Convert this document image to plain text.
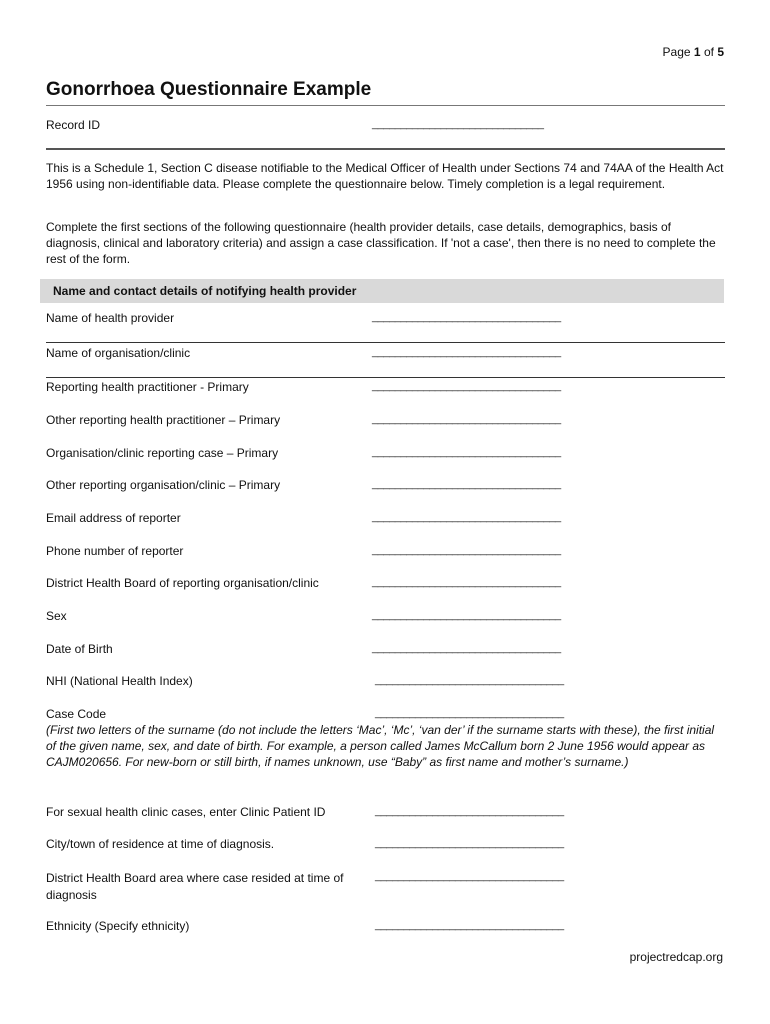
Page 1 of 5
Gonorrhoea Questionnaire Example
Record ID	______________________________
This is a Schedule 1, Section C disease notifiable to the Medical Officer of Health under Sections 74 and 74AA of the Health Act 1956 using non-identifiable data. Please complete the questionnaire below. Timely completion is a legal requirement.
Complete the first sections of the following questionnaire (health provider details, case details, demographics, basis of diagnosis, clinical and laboratory criteria) and assign a case classification. If 'not a case', then there is no need to complete the rest of the form.
Name and contact details of notifying health provider
Name of health provider	_________________________________
Name of organisation/clinic	_________________________________
Reporting health practitioner - Primary	_________________________________
Other reporting health practitioner – Primary	_________________________________
Organisation/clinic reporting case – Primary	_________________________________
Other reporting organisation/clinic – Primary	_________________________________
Email address of reporter	_________________________________
Phone number of reporter	_________________________________
District Health Board of reporting organisation/clinic	_________________________________
Sex	_________________________________
Date of Birth	_________________________________
NHI (National Health Index)	_________________________________
Case Code	_________________________________
(First two letters of the surname (do not include the letters ‘Mac’, ‘Mc’, ‘van der’ if the surname starts with these), the first initial of the given name, sex, and date of birth. For example, a person called James McCallum born 2 June 1956 would appear as CAJM020656. For new-born or still birth, if names unknown, use “Baby” as first name and mother’s surname.)
For sexual health clinic cases, enter Clinic Patient ID	_________________________________
City/town of residence at time of diagnosis.	_________________________________
District Health Board area where case resided at time of diagnosis
_________________________________
Ethnicity (Specify ethnicity)	_________________________________
projectredcap.org
